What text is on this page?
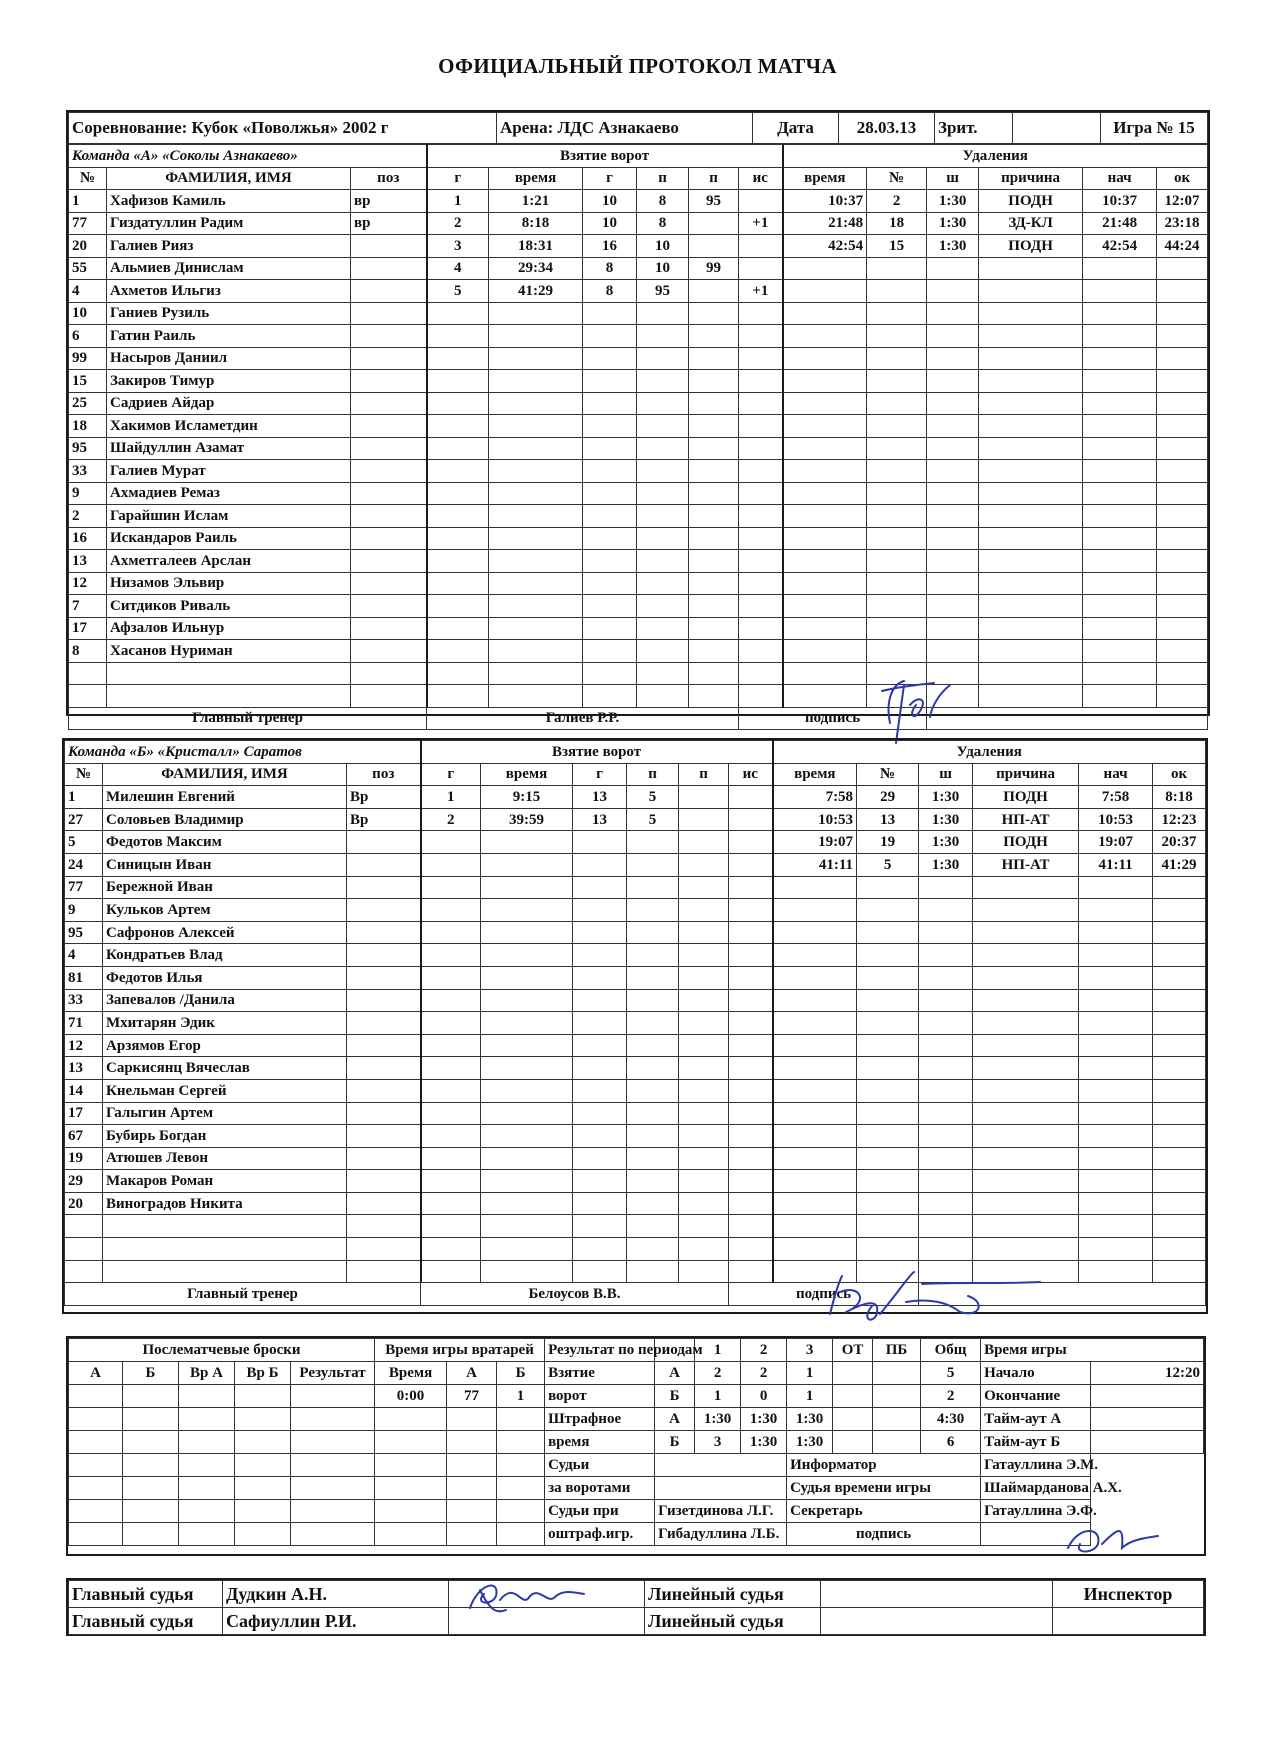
ОФИЦИАЛЬНЫЙ ПРОТОКОЛ МАТЧА
Соревнование: Кубок «Поволжья» 2002 г	Арена: ЛДС Азнакаево	Дата	28.03.13	Зрит.		Игра № 15
Команда «А» «Соколы Азнакаево»			Взятие ворот						Удаления					
№	ФАМИЛИЯ, ИМЯ	поз	г	время	г	п	п	ис	время	№	ш	причина	нач	ок
1	Хафизов Камиль	вр	1	1:21	10	8	95		10:37	2	1:30	ПОДН	10:37	12:07
77	Гиздатуллин Радим	вр	2	8:18	10	8		+1	21:48	18	1:30	ЗД-КЛ	21:48	23:18
20	Галиев Рияз		3	18:31	16	10			42:54	15	1:30	ПОДН	42:54	44:24
55	Альмиев Динислам		4	29:34	8	10	99							
4	Ахметов Ильгиз		5	41:29	8	95		+1						
10	Ганиев Рузиль													
6	Гатин Раиль													
99	Насыров Даниил													
15	Закиров Тимур													
25	Садриев Айдар													
18	Хакимов Исламетдин													
95	Шайдуллин Азамат													
33	Галиев Мурат													
9	Ахмадиев Ремаз													
2	Гарайшин Ислам													
16	Искандаров Раиль													
13	Ахметгалеев Арслан													
12	Низамов Эльвир													
7	Ситдиков Риваль													
17	Афзалов Ильнур													
8	Хасанов Нуриман													

Главный тренер			Галиев Р.Р.					подпись						
Команда «Б» «Кристалл» Саратов			Взятие ворот						Удаления					
№	ФАМИЛИЯ, ИМЯ	поз	г	время	г	п	п	ис	время	№	ш	причина	нач	ок
1	Милешин Евгений	Вр	1	9:15	13	5			7:58	29	1:30	ПОДН	7:58	8:18
27	Соловьев Владимир	Вр	2	39:59	13	5			10:53	13	1:30	НП-АТ	10:53	12:23
5	Федотов Максим								19:07	19	1:30	ПОДН	19:07	20:37
24	Синицын Иван								41:11	5	1:30	НП-АТ	41:11	41:29
77	Бережной Иван													
9	Кульков Артем													
95	Сафронов Алексей													
4	Кондратьев Влад													
81	Федотов Илья													
33	Запевалов /Данила													
71	Мхитарян Эдик													
12	Арзямов Егор													
13	Саркисянц Вячеслав													
14	Кнельман Сергей													
17	Галыгин Артем													
67	Бубирь Богдан													
19	Атюшев Левон													
29	Макаров Роман													
20	Виноградов Никита													

Главный тренер			Белоусов В.В.					подпись						
Послематчевые броски					Время игры вратарей			Результат по периодам		1	2	3	ОТ	ПБ	Общ	Время игры	
А	Б	Вр А	Вр Б	Результат	Время	А	Б	Взятие	А	2	2	1			5	Начало	12:20
					0:00	77	1	ворот	Б	1	0	1			2	Окончание	
								Штрафное	А	1:30	1:30	1:30			4:30	Тайм-аут А	
								время	Б	3	1:30	1:30			6	Тайм-аут Б	
								Судьи				Информатор				Гатауллина Э.М.	
								за воротами				Судья времени игры				Шаймарданова А.Х.	
								Судьи при	Гизетдинова Л.Г.			Секретарь				Гатауллина Э.Ф.	
								оштраф.игр.	Гибадуллина Л.Б.			подпись					
Главный судья	Дудкин А.Н.		Линейный судья		Инспектор
Главный судья	Сафиуллин Р.И.		Линейный судья		
